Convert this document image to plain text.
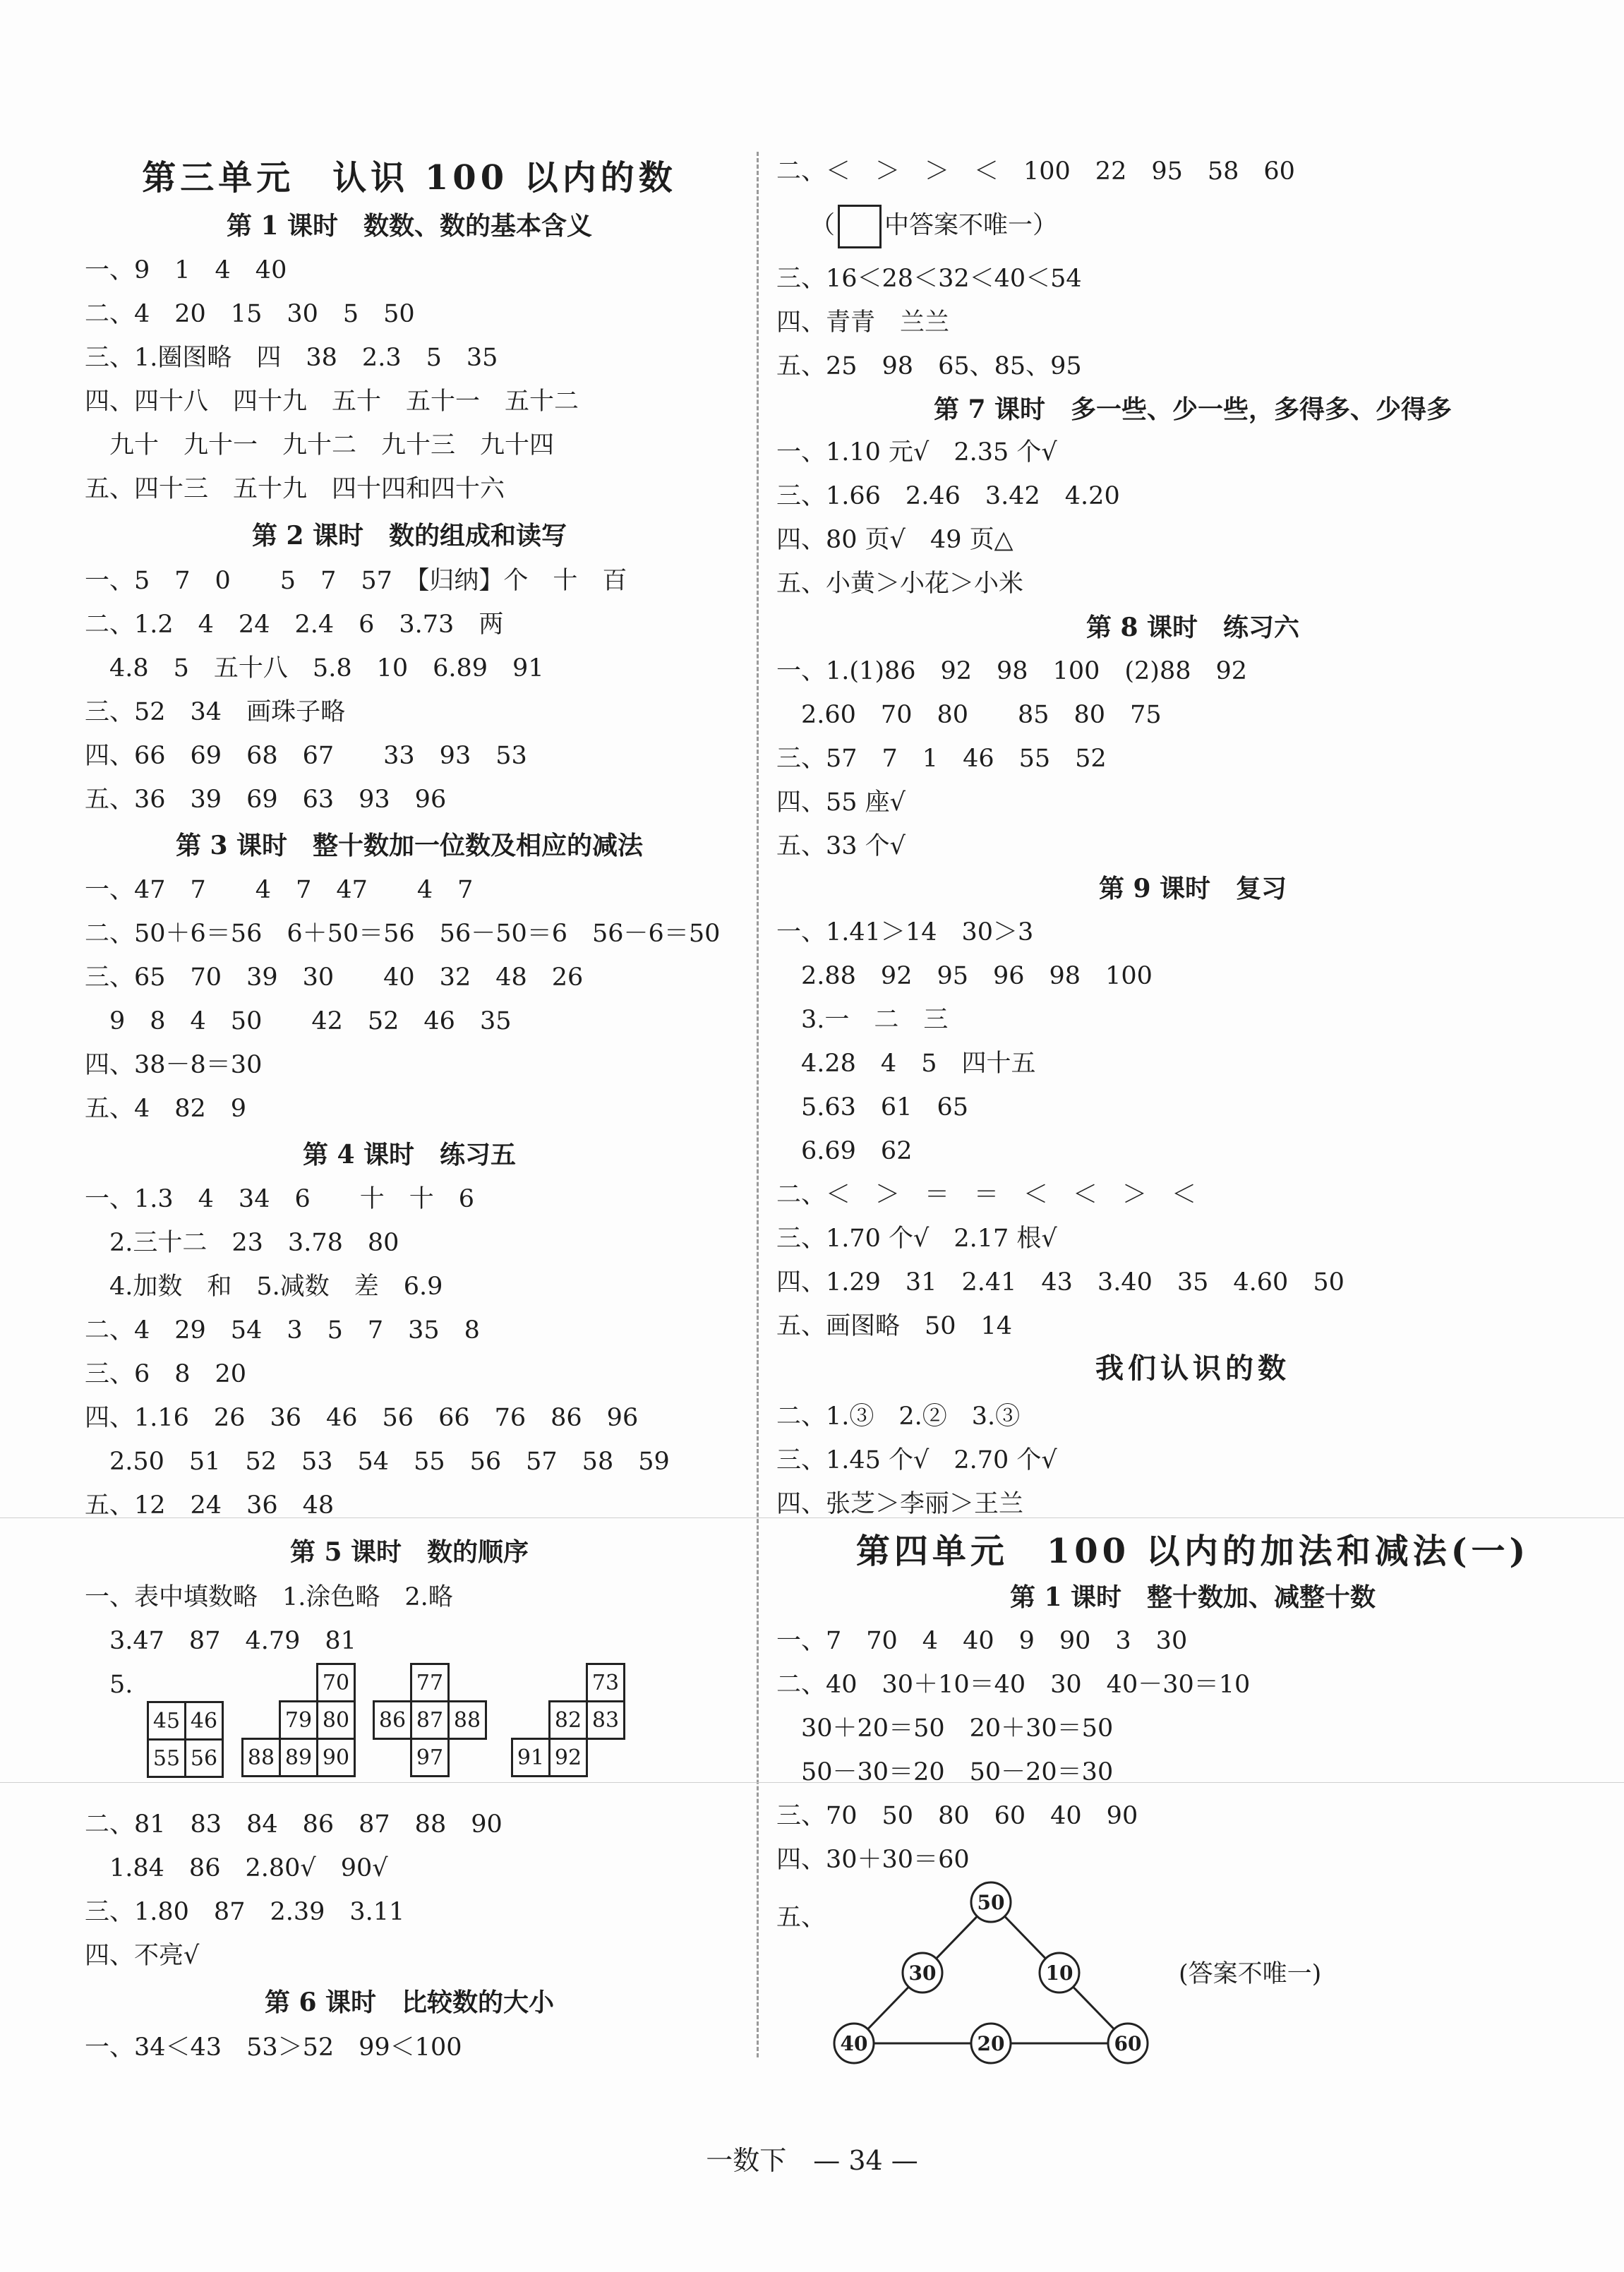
第三单元　认识 100 以内的数
第 1 课时　数数、数的基本含义
一、9　1　4　40
二、4　20　15　30　5　50
三、1.圈图略　四　38　2.3　5　35
四、四十八　四十九　五十　五十一　五十二
　九十　九十一　九十二　九十三　九十四
五、四十三　五十九　四十四和四十六
第 2 课时　数的组成和读写
一、5　7　0　　5　7　57　【归纳】个　十　百
二、1.2　4　24　2.4　6　3.73　两
　4.8　5　五十八　5.8　10　6.89　91
三、52　34　画珠子略
四、66　69　68　67　　33　93　53
五、36　39　69　63　93　96
第 3 课时　整十数加一位数及相应的减法
一、47　7　　4　7　47　　4　7
二、50＋6＝56　6＋50＝56　56－50＝6　56－6＝50
三、65　70　39　30　　40　32　48　26
　9　8　4　50　　42　52　46　35
四、38－8＝30
五、4　82　9
第 4 课时　练习五
一、1.3　4　34　6　　十　十　6
　2.三十二　23　3.78　80
　4.加数　和　5.减数　差　6.9
二、4　29　54　3　5　7　35　8
三、6　8　20
四、1.16　26　36　46　56　66　76　86　96
　2.50　51　52　53　54　55　56　57　58　59
五、12　24　36　48
第 5 课时　数的顺序
一、表中填数略　1.涂色略　2.略
　3.47　87　4.79　81
　5.
45	46
55	56
		70
	79	80
88	89	90
	77	
86	87	88
	97	
		73
	82	83
91	92	
二、81　83　84　86　87　88　90
　1.84　86　2.80√　90√
三、1.80　87　2.39　3.11
四、不亮√
第 6 课时　比较数的大小
一、34＜43　53＞52　99＜100
二、＜　＞　＞　＜　100　22　95　58　60
（ 中答案不唯一）
三、16＜28＜32＜40＜54
四、青青　兰兰
五、25　98　65、85、95
第 7 课时　多一些、少一些，多得多、少得多
一、1.10 元√　2.35 个√
三、1.66　2.46　3.42　4.20
四、80 页√　49 页△
五、小黄＞小花＞小米
第 8 课时　练习六
一、1.(1)86　92　98　100　(2)88　92
　2.60　70　80　　85　80　75
三、57　7　1　46　55　52
四、55 座√
五、33 个√
第 9 课时　复习
一、1.41＞14　30＞3
　2.88　92　95　96　98　100
　3.一　二　三
　4.28　4　5　四十五
　5.63　61　65
　6.69　62
二、＜　＞　＝　＝　＜　＜　＞　＜
三、1.70 个√　2.17 根√
四、1.29　31　2.41　43　3.40　35　4.60　50
五、画图略　50　14
我们认识的数
二、1.③　2.②　3.③
三、1.45 个√　2.70 个√
四、张芝＞李丽＞王兰
第四单元　100 以内的加法和减法(一)
第 1 课时　整十数加、减整十数
一、7　70　4　40　9　90　3　30
二、40　30＋10＝40　30　40－30＝10
　30＋20＝50　20＋30＝50
　50－30＝20　50－20＝30
三、70　50　80　60　40　90
四、30＋30＝60
五、
50
30	10
40	20	60
(答案不唯一)
一数下　— 34 —
